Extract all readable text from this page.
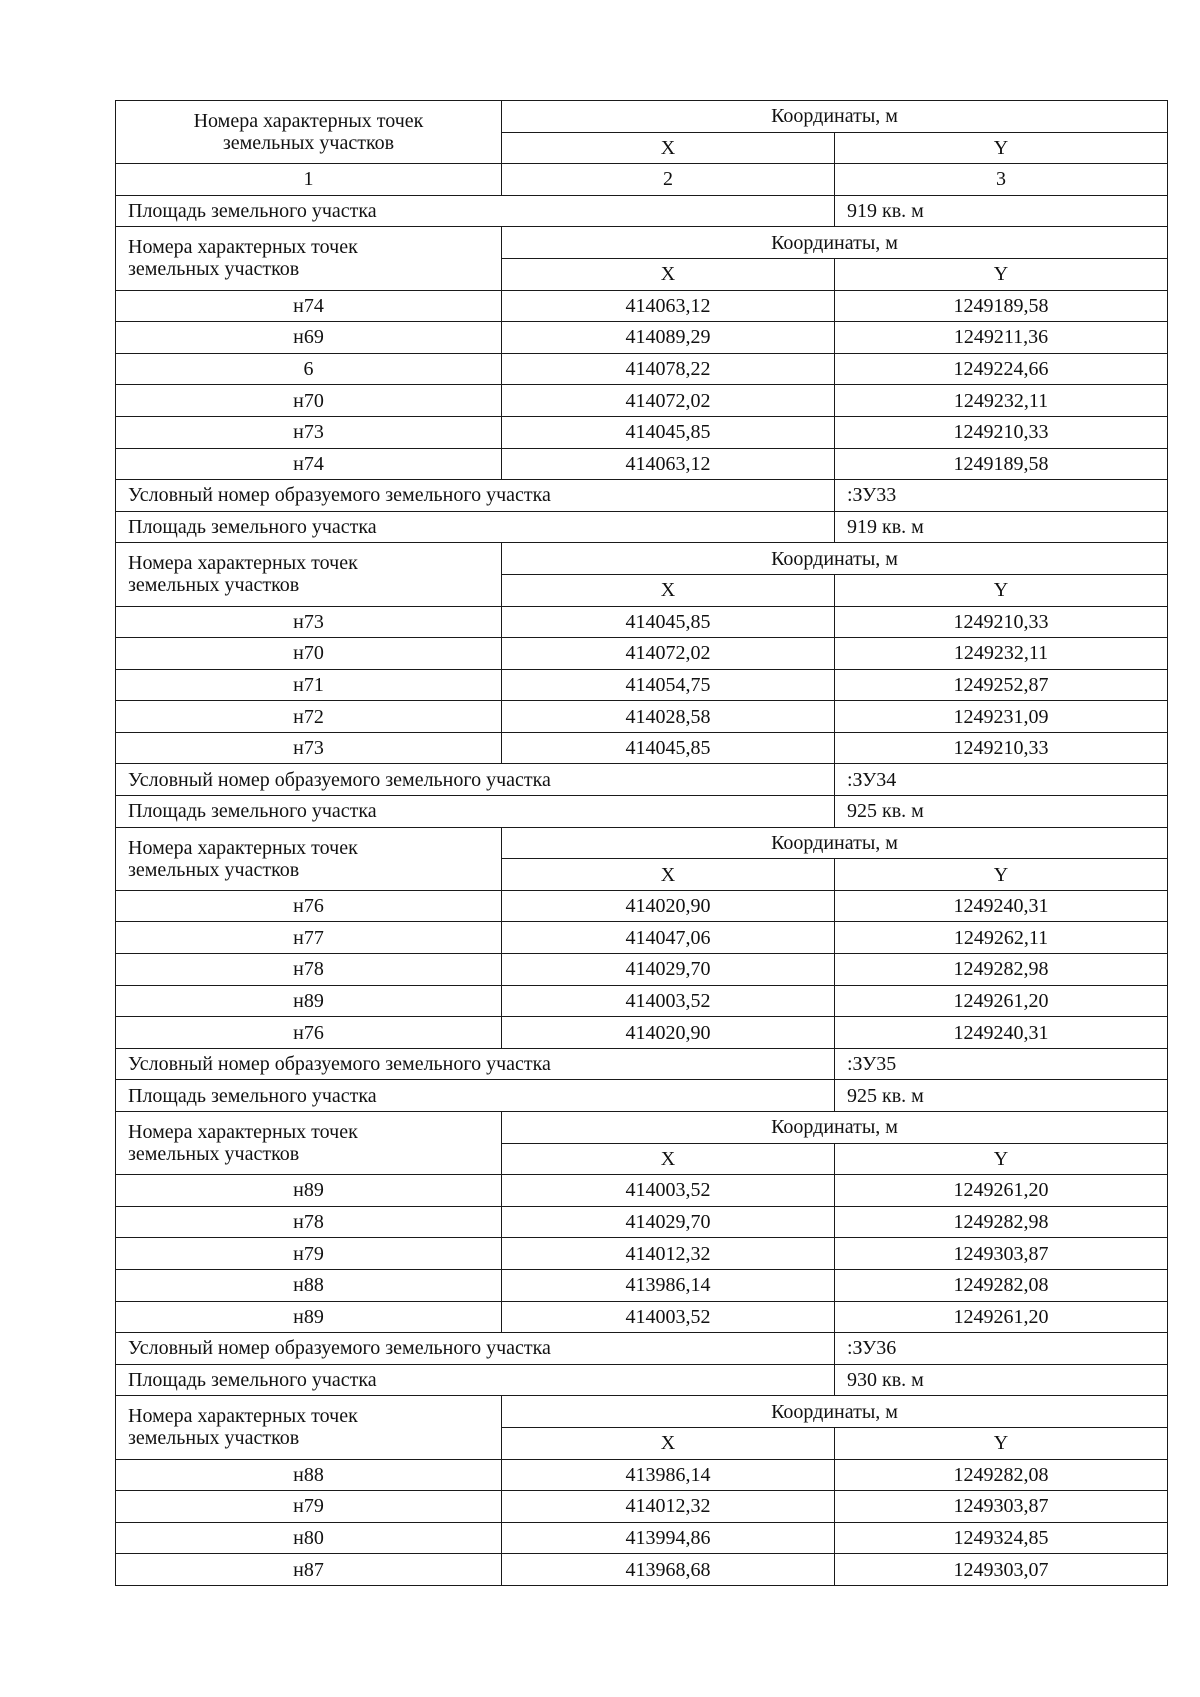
Номера характерных точек
земельных участков	Координаты, м	
	X	Y
1	2	3
Площадь земельного участка		919 кв. м

Номера характерных точек
земельных участков	Координаты, м	
	X	Y
н74	414063,12	1249189,58
н69	414089,29	1249211,36
6	414078,22	1249224,66
н70	414072,02	1249232,11
н73	414045,85	1249210,33
н74	414063,12	1249189,58
Условный номер образуемого земельного участка		:ЗУ33
Площадь земельного участка		919 кв. м

Номера характерных точек
земельных участков	Координаты, м	
	X	Y
н73	414045,85	1249210,33
н70	414072,02	1249232,11
н71	414054,75	1249252,87
н72	414028,58	1249231,09
н73	414045,85	1249210,33
Условный номер образуемого земельного участка		:ЗУ34
Площадь земельного участка		925 кв. м

Номера характерных точек
земельных участков	Координаты, м	
	X	Y
н76	414020,90	1249240,31
н77	414047,06	1249262,11
н78	414029,70	1249282,98
н89	414003,52	1249261,20
н76	414020,90	1249240,31
Условный номер образуемого земельного участка		:ЗУ35
Площадь земельного участка		925 кв. м

Номера характерных точек
земельных участков	Координаты, м	
	X	Y
н89	414003,52	1249261,20
н78	414029,70	1249282,98
н79	414012,32	1249303,87
н88	413986,14	1249282,08
н89	414003,52	1249261,20
Условный номер образуемого земельного участка		:ЗУ36
Площадь земельного участка		930 кв. м

Номера характерных точек
земельных участков	Координаты, м	
	X	Y
н88	413986,14	1249282,08
н79	414012,32	1249303,87
н80	413994,86	1249324,85
н87	413968,68	1249303,07
